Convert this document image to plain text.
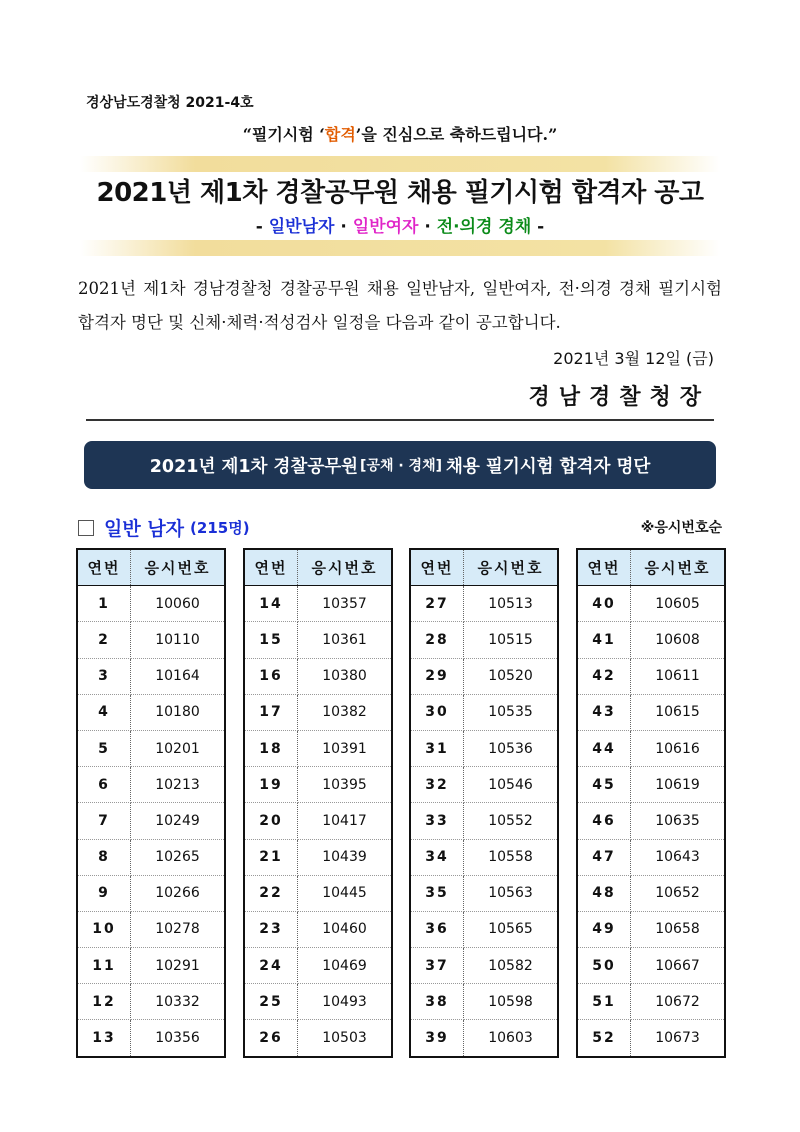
경상남도경찰청 2021-4호
“필기시험 ‘합격’을 진심으로 축하드립니다.”
2021년 제1차 경찰공무원 채용 필기시험 합격자 공고
- 일반남자 · 일반여자 · 전·의경 경채 -
2021년 제1차 경남경찰청 경찰공무원 채용 일반남자, 일반여자, 전·의경 경채 필기시험 합격자 명단 및 신체·체력·적성검사 일정을 다음과 같이 공고합니다.
2021년 3월 12일 (금)
경남경찰청장
2021년 제1차 경찰공무원 [공채 · 경채] 채용 필기시험 합격자 명단
일반 남자 (215명)	※응시번호순
연번	응시번호
1	10060
2	10110
3	10164
4	10180
5	10201
6	10213
7	10249
8	10265
9	10266
10	10278
11	10291
12	10332
13	10356
연번	응시번호
14	10357
15	10361
16	10380
17	10382
18	10391
19	10395
20	10417
21	10439
22	10445
23	10460
24	10469
25	10493
26	10503
연번	응시번호
27	10513
28	10515
29	10520
30	10535
31	10536
32	10546
33	10552
34	10558
35	10563
36	10565
37	10582
38	10598
39	10603
연번	응시번호
40	10605
41	10608
42	10611
43	10615
44	10616
45	10619
46	10635
47	10643
48	10652
49	10658
50	10667
51	10672
52	10673
